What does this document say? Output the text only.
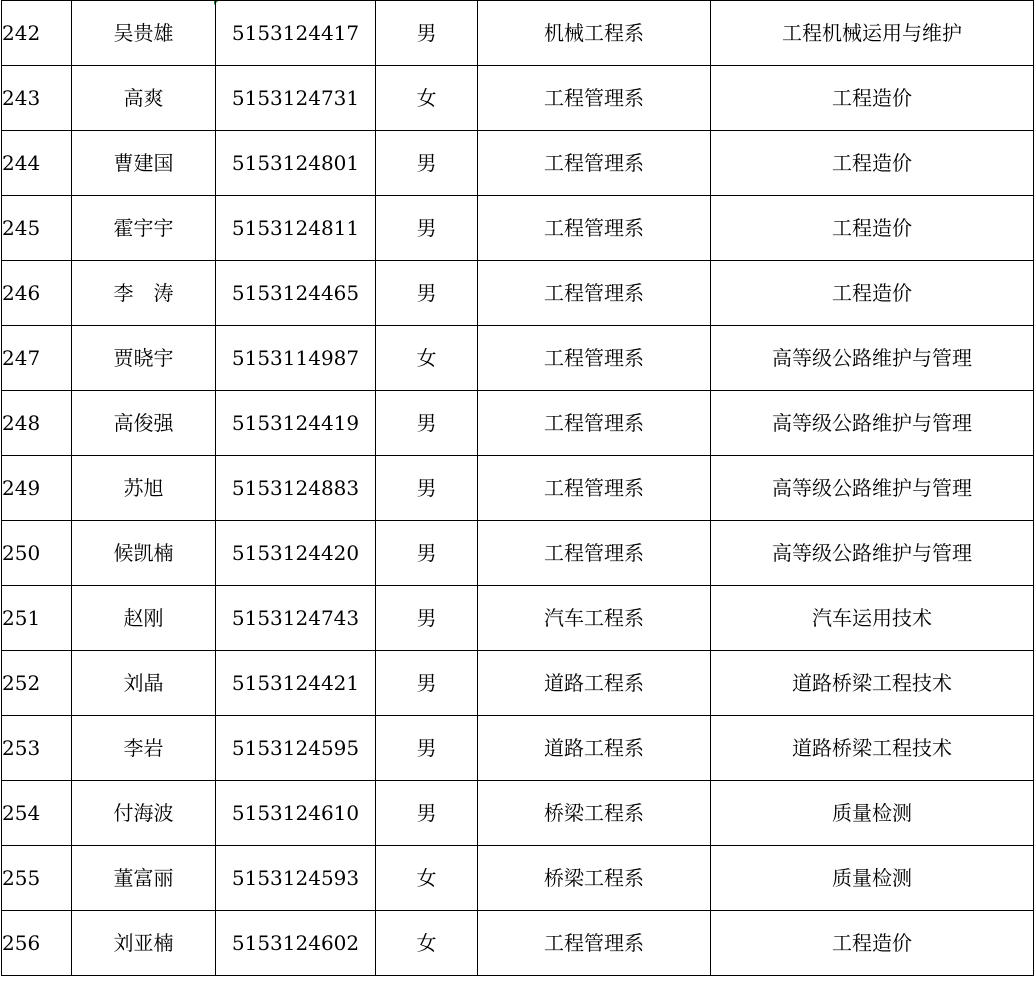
242	吴贵雄	5153124417	男	机械工程系	工程机械运用与维护
243	高爽	5153124731	女	工程管理系	工程造价
244	曹建国	5153124801	男	工程管理系	工程造价
245	霍宇宇	5153124811	男	工程管理系	工程造价
246	李　涛	5153124465	男	工程管理系	工程造价
247	贾晓宇	5153114987	女	工程管理系	高等级公路维护与管理
248	高俊强	5153124419	男	工程管理系	高等级公路维护与管理
249	苏旭	5153124883	男	工程管理系	高等级公路维护与管理
250	候凯楠	5153124420	男	工程管理系	高等级公路维护与管理
251	赵刚	5153124743	男	汽车工程系	汽车运用技术
252	刘晶	5153124421	男	道路工程系	道路桥梁工程技术
253	李岩	5153124595	男	道路工程系	道路桥梁工程技术
254	付海波	5153124610	男	桥梁工程系	质量检测
255	董富丽	5153124593	女	桥梁工程系	质量检测
256	刘亚楠	5153124602	女	工程管理系	工程造价
